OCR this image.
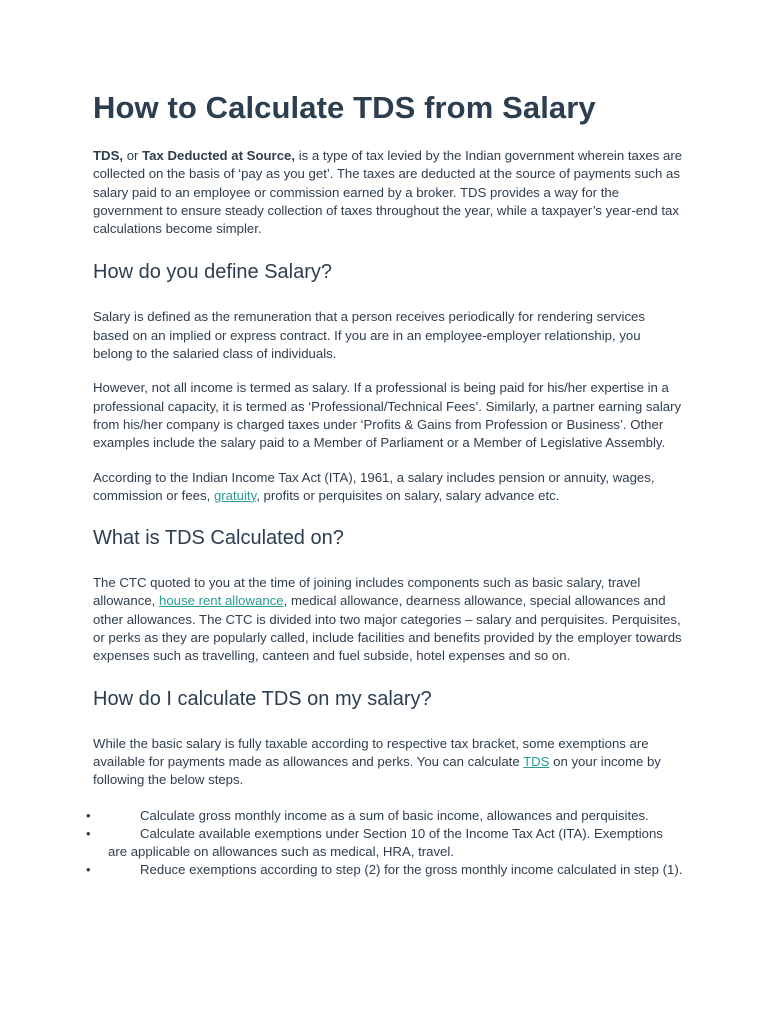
How to Calculate TDS from Salary

TDS, or Tax Deducted at Source, is a type of tax levied by the Indian government wherein taxes are collected on the basis of ‘pay as you get’. The taxes are deducted at the source of payments such as salary paid to an employee or commission earned by a broker. TDS provides a way for the government to ensure steady collection of taxes throughout the year, while a taxpayer’s year-end tax calculations become simpler.

How do you define Salary?

Salary is defined as the remuneration that a person receives periodically for rendering services based on an implied or express contract. If you are in an employee-employer relationship, you belong to the salaried class of individuals.

However, not all income is termed as salary. If a professional is being paid for his/her expertise in a professional capacity, it is termed as ‘Professional/Technical Fees’. Similarly, a partner earning salary from his/her company is charged taxes under ‘Profits & Gains from Profession or Business’. Other examples include the salary paid to a Member of Parliament or a Member of Legislative Assembly.

According to the Indian Income Tax Act (ITA), 1961, a salary includes pension or annuity, wages, commission or fees, gratuity, profits or perquisites on salary, salary advance etc.

What is TDS Calculated on?

The CTC quoted to you at the time of joining includes components such as basic salary, travel allowance, house rent allowance, medical allowance, dearness allowance, special allowances and other allowances. The CTC is divided into two major categories – salary and perquisites. Perquisites, or perks as they are popularly called, include facilities and benefits provided by the employer towards expenses such as travelling, canteen and fuel subside, hotel expenses and so on.

How do I calculate TDS on my salary?

While the basic salary is fully taxable according to respective tax bracket, some exemptions are available for payments made as allowances and perks. You can calculate TDS on your income by following the below steps.

•	Calculate gross monthly income as a sum of basic income, allowances and perquisites.
•	Calculate available exemptions under Section 10 of the Income Tax Act (ITA). Exemptions are applicable on allowances such as medical, HRA, travel.
•	Reduce exemptions according to step (2) for the gross monthly income calculated in step (1).
